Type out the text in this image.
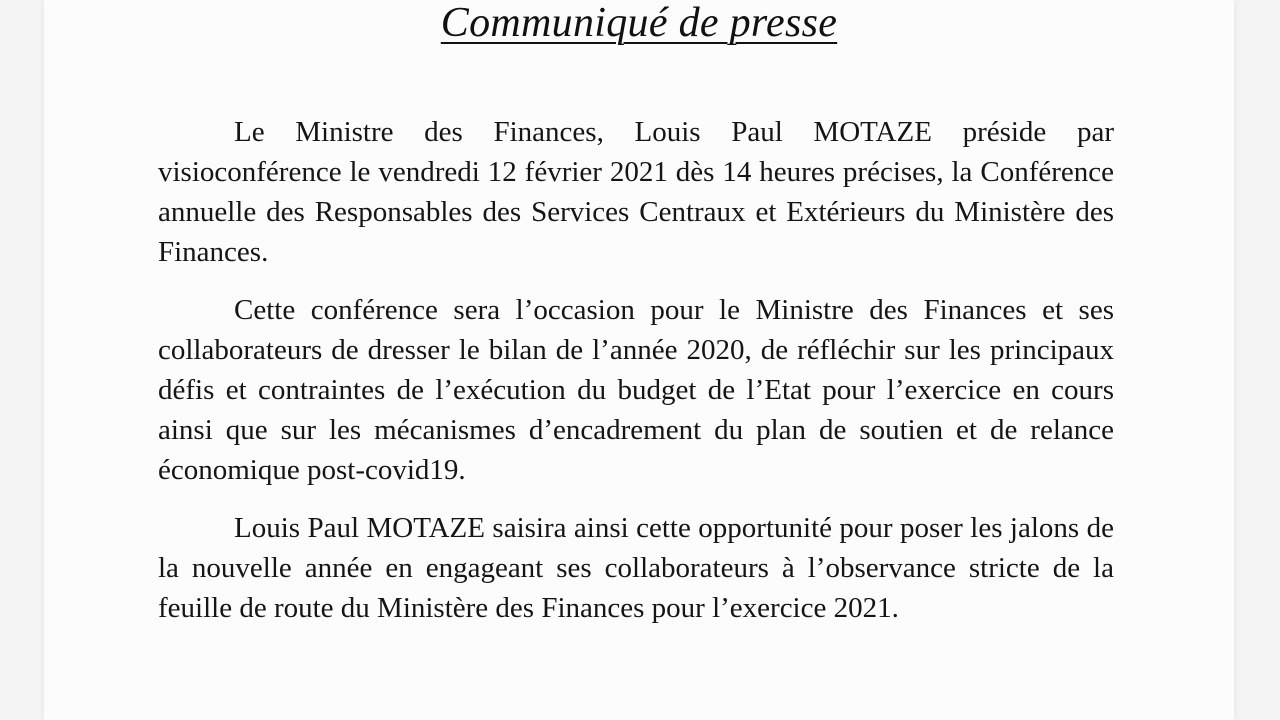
Communiqué de presse

Le Ministre des Finances, Louis Paul MOTAZE préside par visioconférence le vendredi 12 février 2021 dès 14 heures précises, la Conférence annuelle des Responsables des Services Centraux et Extérieurs du Ministère des Finances.

Cette conférence sera l’occasion pour le Ministre des Finances et ses collaborateurs de dresser le bilan de l’année 2020, de réfléchir sur les principaux défis et contraintes de l’exécution du budget de l’Etat pour l’exercice en cours ainsi que sur les mécanismes d’encadrement du plan de soutien et de relance économique post-covid19.

Louis Paul MOTAZE saisira ainsi cette opportunité pour poser les jalons de la nouvelle année en engageant ses collaborateurs à l’observance stricte de la feuille de route du Ministère des Finances pour l’exercice 2021.
